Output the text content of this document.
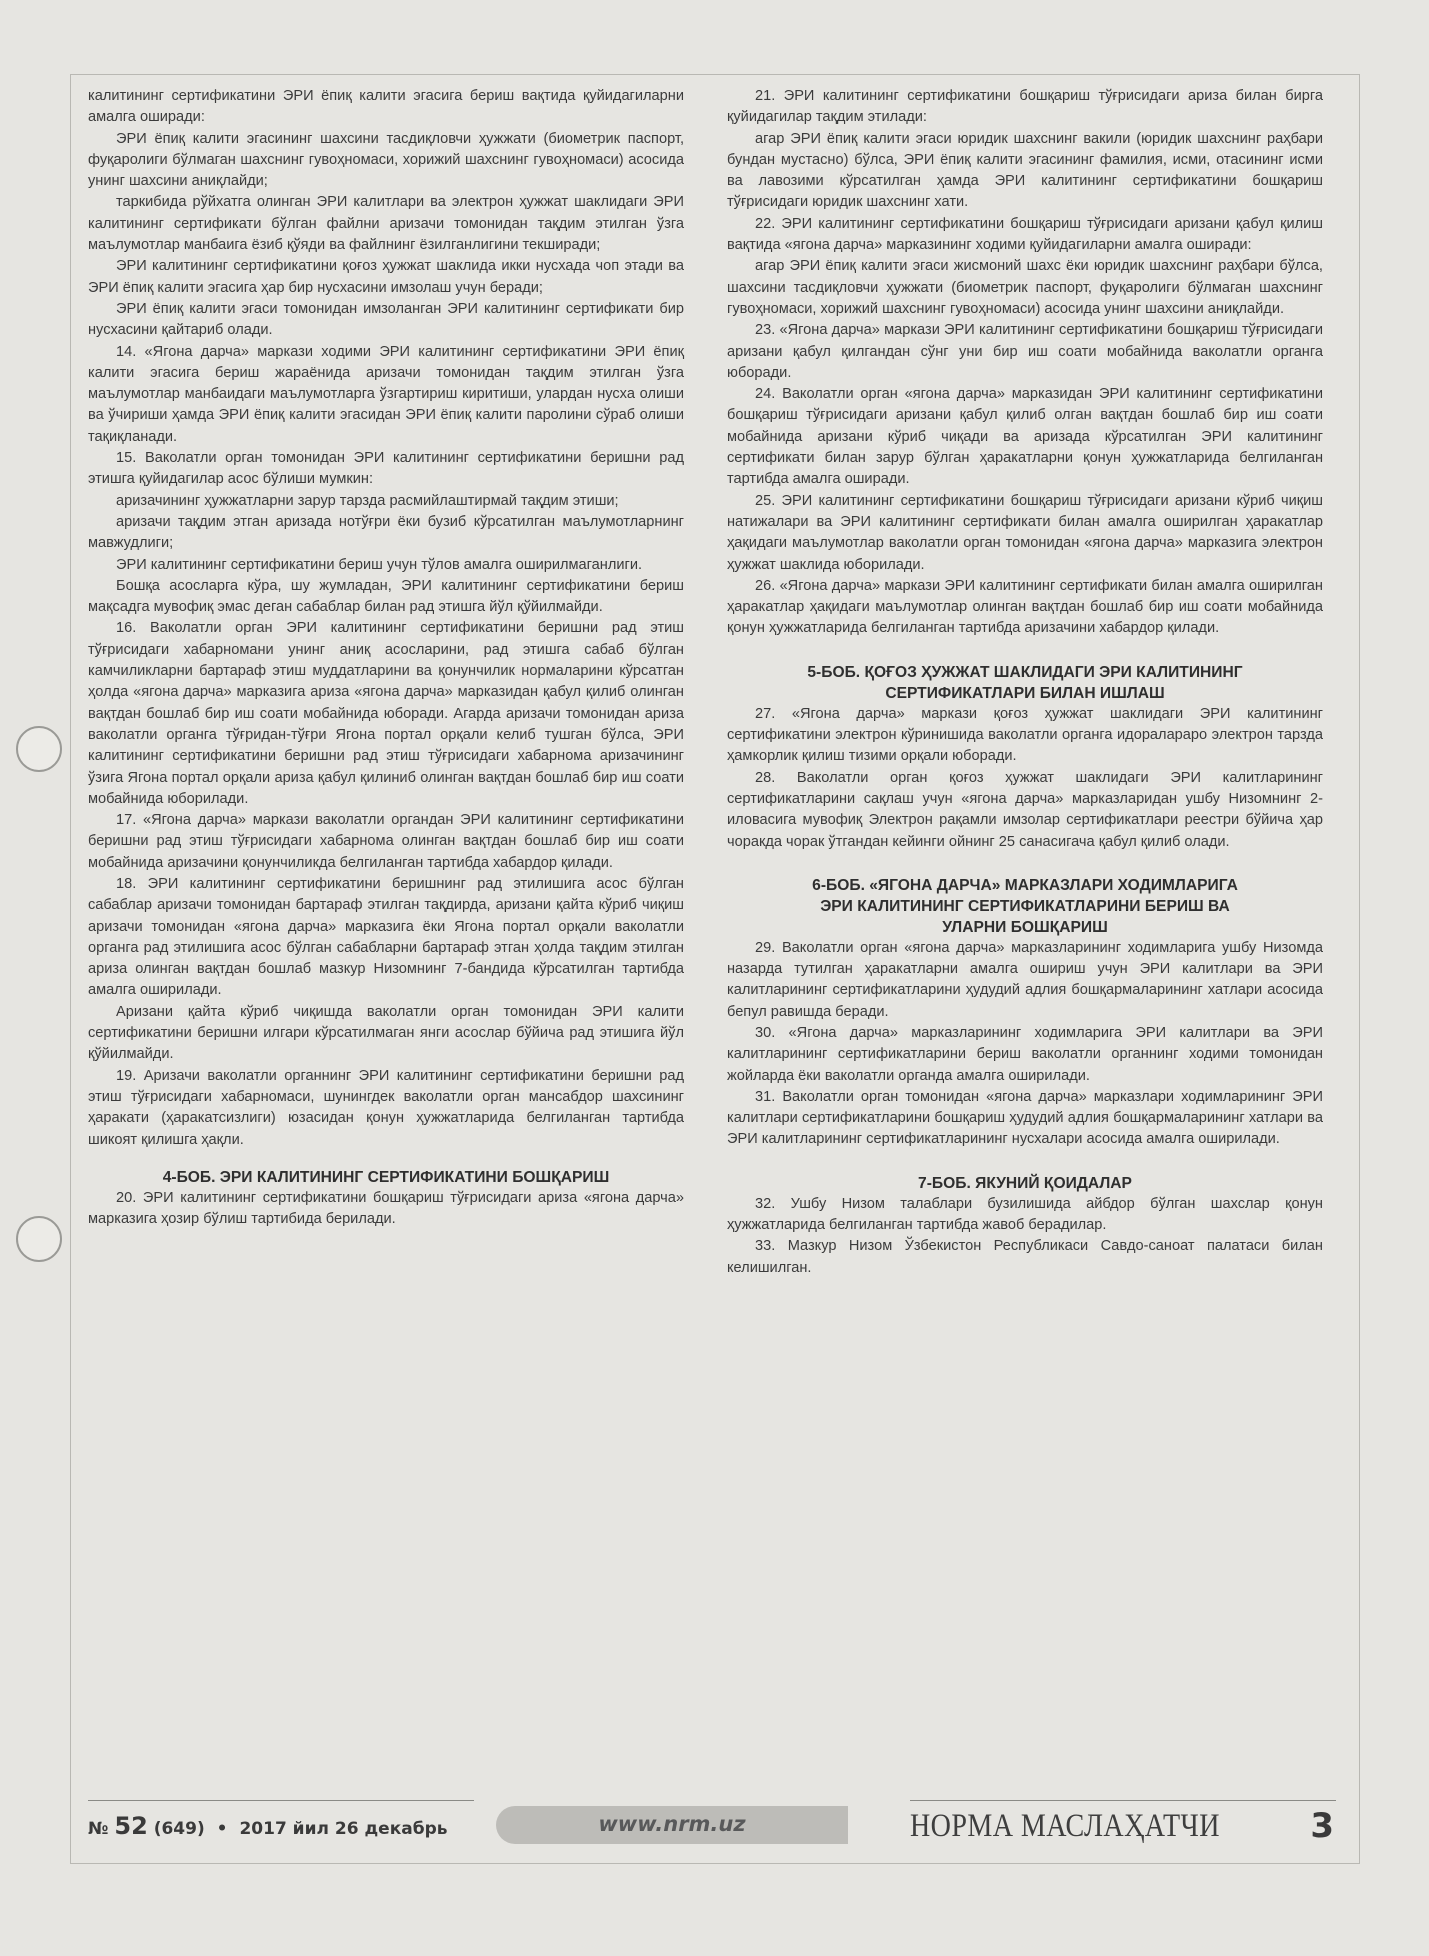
калитининг сертификатини ЭРИ ёпиқ калити эгасига бериш вақтида қуйидагиларни амалга оширади:

ЭРИ ёпиқ калити эгасининг шахсини тасдиқловчи ҳужжати (биометрик паспорт, фуқаролиги бўлмаган шахснинг гувоҳномаси, хорижий шахснинг гувоҳномаси) асосида унинг шахсини аниқлайди;

таркибида рўйхатга олинган ЭРИ калитлари ва электрон ҳужжат шаклидаги ЭРИ калитининг сертификати бўлган файлни аризачи томонидан тақдим этилган ўзга маълумотлар манбаига ёзиб қўяди ва файлнинг ёзилганлигини текширади;

ЭРИ калитининг сертификатини қоғоз ҳужжат шаклида икки нусхада чоп этади ва ЭРИ ёпиқ калити эгасига ҳар бир нусхасини имзолаш учун беради;

ЭРИ ёпиқ калити эгаси томонидан имзоланган ЭРИ калитининг сертификати бир нусхасини қайтариб олади.

14. «Ягона дарча» маркази ходими ЭРИ калитининг сертификатини ЭРИ ёпиқ калити эгасига бериш жараёнида аризачи томонидан тақдим этилган ўзга маълумотлар манбаидаги маълумотларга ўзгартириш киритиши, улардан нусха олиши ва ўчириши ҳамда ЭРИ ёпиқ калити эгасидан ЭРИ ёпиқ калити паролини сўраб олиши тақиқланади.

15. Ваколатли орган томонидан ЭРИ калитининг сертификатини беришни рад этишга қуйидагилар асос бўлиши мумкин:

аризачининг ҳужжатларни зарур тарзда расмийлаштирмай тақдим этиши;

аризачи тақдим этган аризада нотўғри ёки бузиб кўрсатилган маълумотларнинг мавжудлиги;

ЭРИ калитининг сертификатини бериш учун тўлов амалга оширилмаганлиги.

Бошқа асосларга кўра, шу жумладан, ЭРИ калитининг сертификатини бериш мақсадга мувофиқ эмас деган сабаблар билан рад этишга йўл қўйилмайди.

16. Ваколатли орган ЭРИ калитининг сертификатини беришни рад этиш тўғрисидаги хабарномани унинг аниқ асосларини, рад этишга сабаб бўлган камчиликларни бартараф этиш муддатларини ва қонунчилик нормаларини кўрсатган ҳолда «ягона дарча» марказига ариза «ягона дарча» марказидан қабул қилиб олинган вақтдан бошлаб бир иш соати мобайнида юборади. Агарда аризачи томонидан ариза ваколатли органга тўғридан-тўғри Ягона портал орқали келиб тушган бўлса, ЭРИ калитининг сертификатини беришни рад этиш тўғрисидаги хабарнома аризачининг ўзига Ягона портал орқали ариза қабул қилиниб олинган вақтдан бошлаб бир иш соати мобайнида юборилади.

17. «Ягона дарча» маркази ваколатли органдан ЭРИ калитининг сертификатини беришни рад этиш тўғрисидаги хабарнома олинган вақтдан бошлаб бир иш соати мобайнида аризачини қонунчиликда белгиланган тартибда хабардор қилади.

18. ЭРИ калитининг сертификатини беришнинг рад этилишига асос бўлган сабаблар аризачи томонидан бартараф этилган тақдирда, аризани қайта кўриб чиқиш аризачи томонидан «ягона дарча» марказига ёки Ягона портал орқали ваколатли органга рад этилишига асос бўлган сабабларни бартараф этган ҳолда тақдим этилган ариза олинган вақтдан бошлаб мазкур Низомнинг 7-бандида кўрсатилган тартибда амалга оширилади.

Аризани қайта кўриб чиқишда ваколатли орган томонидан ЭРИ калити сертификатини беришни илгари кўрсатилмаган янги асослар бўйича рад этишига йўл қўйилмайди.

19. Аризачи ваколатли органнинг ЭРИ калитининг сертификатини беришни рад этиш тўғрисидаги хабарномаси, шунингдек ваколатли орган мансабдор шахсининг ҳаракати (ҳаракатсизлиги) юзасидан қонун ҳужжатларида белгиланган тартибда шикоят қилишга ҳақли.

4-БОБ. ЭРИ КАЛИТИНИНГ СЕРТИФИКАТИНИ БОШҚАРИШ

20. ЭРИ калитининг сертификатини бошқариш тўғрисидаги ариза «ягона дарча» марказига ҳозир бўлиш тартибида берилади.

21. ЭРИ калитининг сертификатини бошқариш тўғрисидаги ариза билан бирга қуйидагилар тақдим этилади:

агар ЭРИ ёпиқ калити эгаси юридик шахснинг вакили (юридик шахснинг раҳбари бундан мустасно) бўлса, ЭРИ ёпиқ калити эгасининг фамилия, исми, отасининг исми ва лавозими кўрсатилган ҳамда ЭРИ калитининг сертификатини бошқариш тўғрисидаги юридик шахснинг хати.

22. ЭРИ калитининг сертификатини бошқариш тўғрисидаги аризани қабул қилиш вақтида «ягона дарча» марказининг ходими қуйидагиларни амалга оширади:

агар ЭРИ ёпиқ калити эгаси жисмоний шахс ёки юридик шахснинг раҳбари бўлса, шахсини тасдиқловчи ҳужжати (биометрик паспорт, фуқаролиги бўлмаган шахснинг гувоҳномаси, хорижий шахснинг гувоҳномаси) асосида унинг шахсини аниқлайди.

23. «Ягона дарча» маркази ЭРИ калитининг сертификатини бошқариш тўғрисидаги аризани қабул қилгандан сўнг уни бир иш соати мобайнида ваколатли органга юборади.

24. Ваколатли орган «ягона дарча» марказидан ЭРИ калитининг сертификатини бошқариш тўғрисидаги аризани қабул қилиб олган вақтдан бошлаб бир иш соати мобайнида аризани кўриб чиқади ва аризада кўрсатилган ЭРИ калитининг сертификати билан зарур бўлган ҳаракатларни қонун ҳужжатларида белгиланган тартибда амалга оширади.

25. ЭРИ калитининг сертификатини бошқариш тўғрисидаги аризани кўриб чиқиш натижалари ва ЭРИ калитининг сертификати билан амалга оширилган ҳаракатлар ҳақидаги маълумотлар ваколатли орган томонидан «ягона дарча» марказига электрон ҳужжат шаклида юборилади.

26. «Ягона дарча» маркази ЭРИ калитининг сертификати билан амалга оширилган ҳаракатлар ҳақидаги маълумотлар олинган вақтдан бошлаб бир иш соати мобайнида қонун ҳужжатларида белгиланган тартибда аризачини хабардор қилади.

5-БОБ. ҚОҒОЗ ҲУЖЖАТ ШАКЛИДАГИ ЭРИ КАЛИТИНИНГ
СЕРТИФИКАТЛАРИ БИЛАН ИШЛАШ

27. «Ягона дарча» маркази қоғоз ҳужжат шаклидаги ЭРИ калитининг сертификатини электрон кўринишида ваколатли органга идоралараро электрон тарзда ҳамкорлик қилиш тизими орқали юборади.

28. Ваколатли орган қоғоз ҳужжат шаклидаги ЭРИ калитларининг сертификатларини сақлаш учун «ягона дарча» марказларидан ушбу Низомнинг 2-иловасига мувофиқ Электрон рақамли имзолар сертификатлари реестри бўйича ҳар чоракда чорак ўтгандан кейинги ойнинг 25 санасигача қабул қилиб олади.

6-БОБ. «ЯГОНА ДАРЧА» МАРКАЗЛАРИ ХОДИМЛАРИГА
ЭРИ КАЛИТИНИНГ СЕРТИФИКАТЛАРИНИ БЕРИШ ВА
УЛАРНИ БОШҚАРИШ

29. Ваколатли орган «ягона дарча» марказларининг ходимларига ушбу Низомда назарда тутилган ҳаракатларни амалга ошириш учун ЭРИ калитлари ва ЭРИ калитларининг сертификатларини ҳудудий адлия бошқармаларининг хатлари асосида бепул равишда беради.

30. «Ягона дарча» марказларининг ходимларига ЭРИ калитлари ва ЭРИ калитларининг сертификатларини бериш ваколатли органнинг ходими томонидан жойларда ёки ваколатли органда амалга оширилади.

31. Ваколатли орган томонидан «ягона дарча» марказлари ходимларининг ЭРИ калитлари сертификатларини бошқариш ҳудудий адлия бошқармаларининг хатлари ва ЭРИ калитларининг сертификатларининг нусхалари асосида амалга оширилади.

7-БОБ. ЯКУНИЙ ҚОИДАЛАР

32. Ушбу Низом талаблари бузилишида айбдор бўлган шахслар қонун ҳужжатларида белгиланган тартибда жавоб берадилар.

33. Мазкур Низом Ўзбекистон Республикаси Савдо-саноат палатаси билан келишилган.

№ 52 (649) • 2017 йил 26 декабрь	www.nrm.uz	НОРМА МАСЛАҲАТЧИ	3
